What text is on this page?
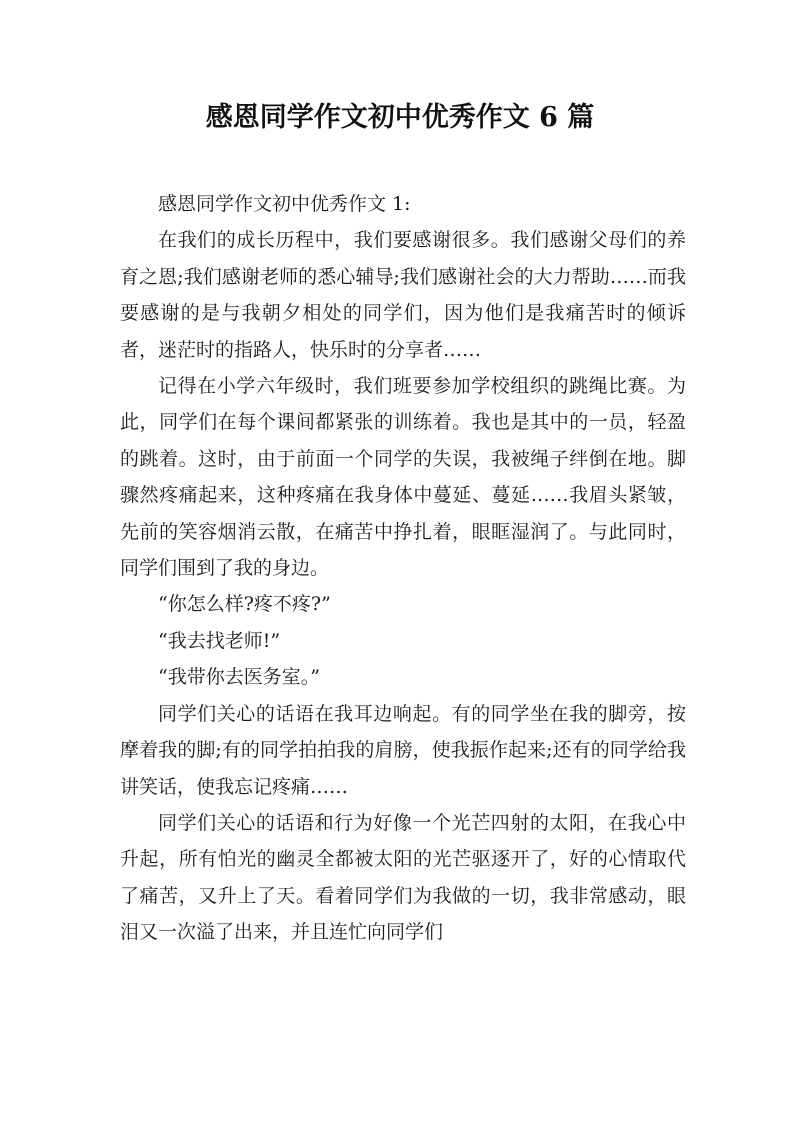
感恩同学作文初中优秀作文 6 篇

感恩同学作文初中优秀作文 1:

在我们的成长历程中，我们要感谢很多。我们感谢父母们的养育之恩;我们感谢老师的悉心辅导;我们感谢社会的大力帮助……而我要感谢的是与我朝夕相处的同学们，因为他们是我痛苦时的倾诉者，迷茫时的指路人，快乐时的分享者……

记得在小学六年级时，我们班要参加学校组织的跳绳比赛。为此，同学们在每个课间都紧张的训练着。我也是其中的一员，轻盈的跳着。这时，由于前面一个同学的失误，我被绳子绊倒在地。脚骤然疼痛起来，这种疼痛在我身体中蔓延、蔓延……我眉头紧皱，先前的笑容烟消云散，在痛苦中挣扎着，眼眶湿润了。与此同时，同学们围到了我的身边。

“你怎么样?疼不疼?”

“我去找老师!”

“我带你去医务室。”

同学们关心的话语在我耳边响起。有的同学坐在我的脚旁，按摩着我的脚;有的同学拍拍我的肩膀，使我振作起来;还有的同学给我讲笑话，使我忘记疼痛……

同学们关心的话语和行为好像一个光芒四射的太阳，在我心中升起，所有怕光的幽灵全都被太阳的光芒驱逐开了，好的心情取代了痛苦，又升上了天。看着同学们为我做的一切，我非常感动，眼泪又一次溢了出来，并且连忙向同学们
